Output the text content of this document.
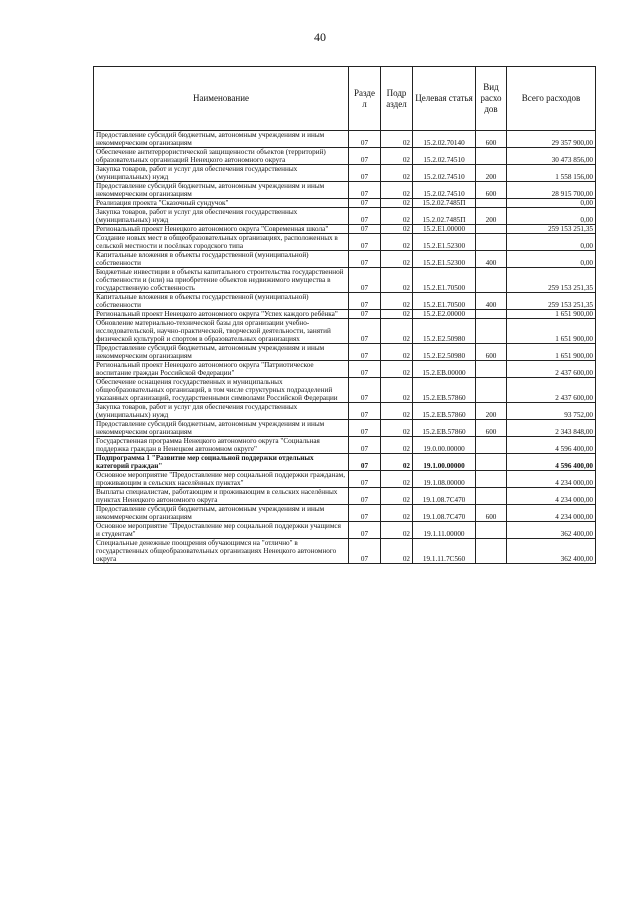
40
Наименование	Разде л	Подр аздел	Целевая статья	Вид расхо дов	Всего расходов
Предоставление субсидий бюджетным, автономным учреждениям и иным некоммерческим организациям	07	02	15.2.02.70140	600	29 357 900,00
Обеспечение антитеррористической защищенности объектов (территорий) образовательных организаций Ненецкого автономного округа	07	02	15.2.02.74510		30 473 856,00
Закупка товаров, работ и услуг для обеспечения государственных (муниципальных) нужд	07	02	15.2.02.74510	200	1 558 156,00
Предоставление субсидий бюджетным, автономным учреждениям и иным некоммерческим организациям	07	02	15.2.02.74510	600	28 915 700,00
Реализация проекта "Сказочный сундучок"	07	02	15.2.02.7485П		0,00
Закупка товаров, работ и услуг для обеспечения государственных (муниципальных) нужд	07	02	15.2.02.7485П	200	0,00
Региональный проект Ненецкого автономного округа "Современная школа"	07	02	15.2.E1.00000		259 153 251,35
Создание новых мест в общеобразовательных организациях, расположенных в сельской местности и посёлках городского типа	07	02	15.2.E1.52300		0,00
Капитальные вложения в объекты государственной (муниципальной) собственности	07	02	15.2.E1.52300	400	0,00
Бюджетные инвестиции в объекты капитального строительства государственной собственности и (или) на приобретение объектов недвижимого имущества в государственную собственность	07	02	15.2.E1.70500		259 153 251,35
Капитальные вложения в объекты государственной (муниципальной) собственности	07	02	15.2.E1.70500	400	259 153 251,35
Региональный проект Ненецкого автономного округа "Успех каждого ребёнка"	07	02	15.2.E2.00000		1 651 900,00
Обновление материально-технической базы для организации учебно-исследовательской, научно-практической, творческой деятельности, занятий физической культурой и спортом в образовательных организациях	07	02	15.2.E2.50980		1 651 900,00
Предоставление субсидий бюджетным, автономным учреждениям и иным некоммерческим организациям	07	02	15.2.E2.50980	600	1 651 900,00
Региональный проект Ненецкого автономного округа "Патриотическое воспитание граждан Российской Федерации"	07	02	15.2.EB.00000		2 437 600,00
Обеспечение оснащения государственных и муниципальных общеобразовательных организаций, в том числе структурных подразделений указанных организаций, государственными символами Российской Федерации	07	02	15.2.EB.57860		2 437 600,00
Закупка товаров, работ и услуг для обеспечения государственных (муниципальных) нужд	07	02	15.2.EB.57860	200	93 752,00
Предоставление субсидий бюджетным, автономным учреждениям и иным некоммерческим организациям	07	02	15.2.EB.57860	600	2 343 848,00
Государственная программа Ненецкого автономного округа "Социальная поддержка граждан в Ненецком автономном округе"	07	02	19.0.00.00000		4 596 400,00
Подпрограмма 1 "Развитие мер социальной поддержки отдельных категорий граждан"	07	02	19.1.00.00000		4 596 400,00
Основное мероприятие "Предоставление мер социальной поддержки гражданам, проживающим в сельских населённых пунктах"	07	02	19.1.08.00000		4 234 000,00
Выплаты специалистам, работающим и проживающим в сельских населённых пунктах Ненецкого автономного округа	07	02	19.1.08.7С470		4 234 000,00
Предоставление субсидий бюджетным, автономным учреждениям и иным некоммерческим организациям	07	02	19.1.08.7С470	600	4 234 000,00
Основное мероприятие "Предоставление мер социальной поддержки учащимся и студентам"	07	02	19.1.11.00000		362 400,00
Специальные денежные поощрения обучающимся на "отлично" в государственных общеобразовательных организациях Ненецкого автономного округа	07	02	19.1.11.7С560		362 400,00
